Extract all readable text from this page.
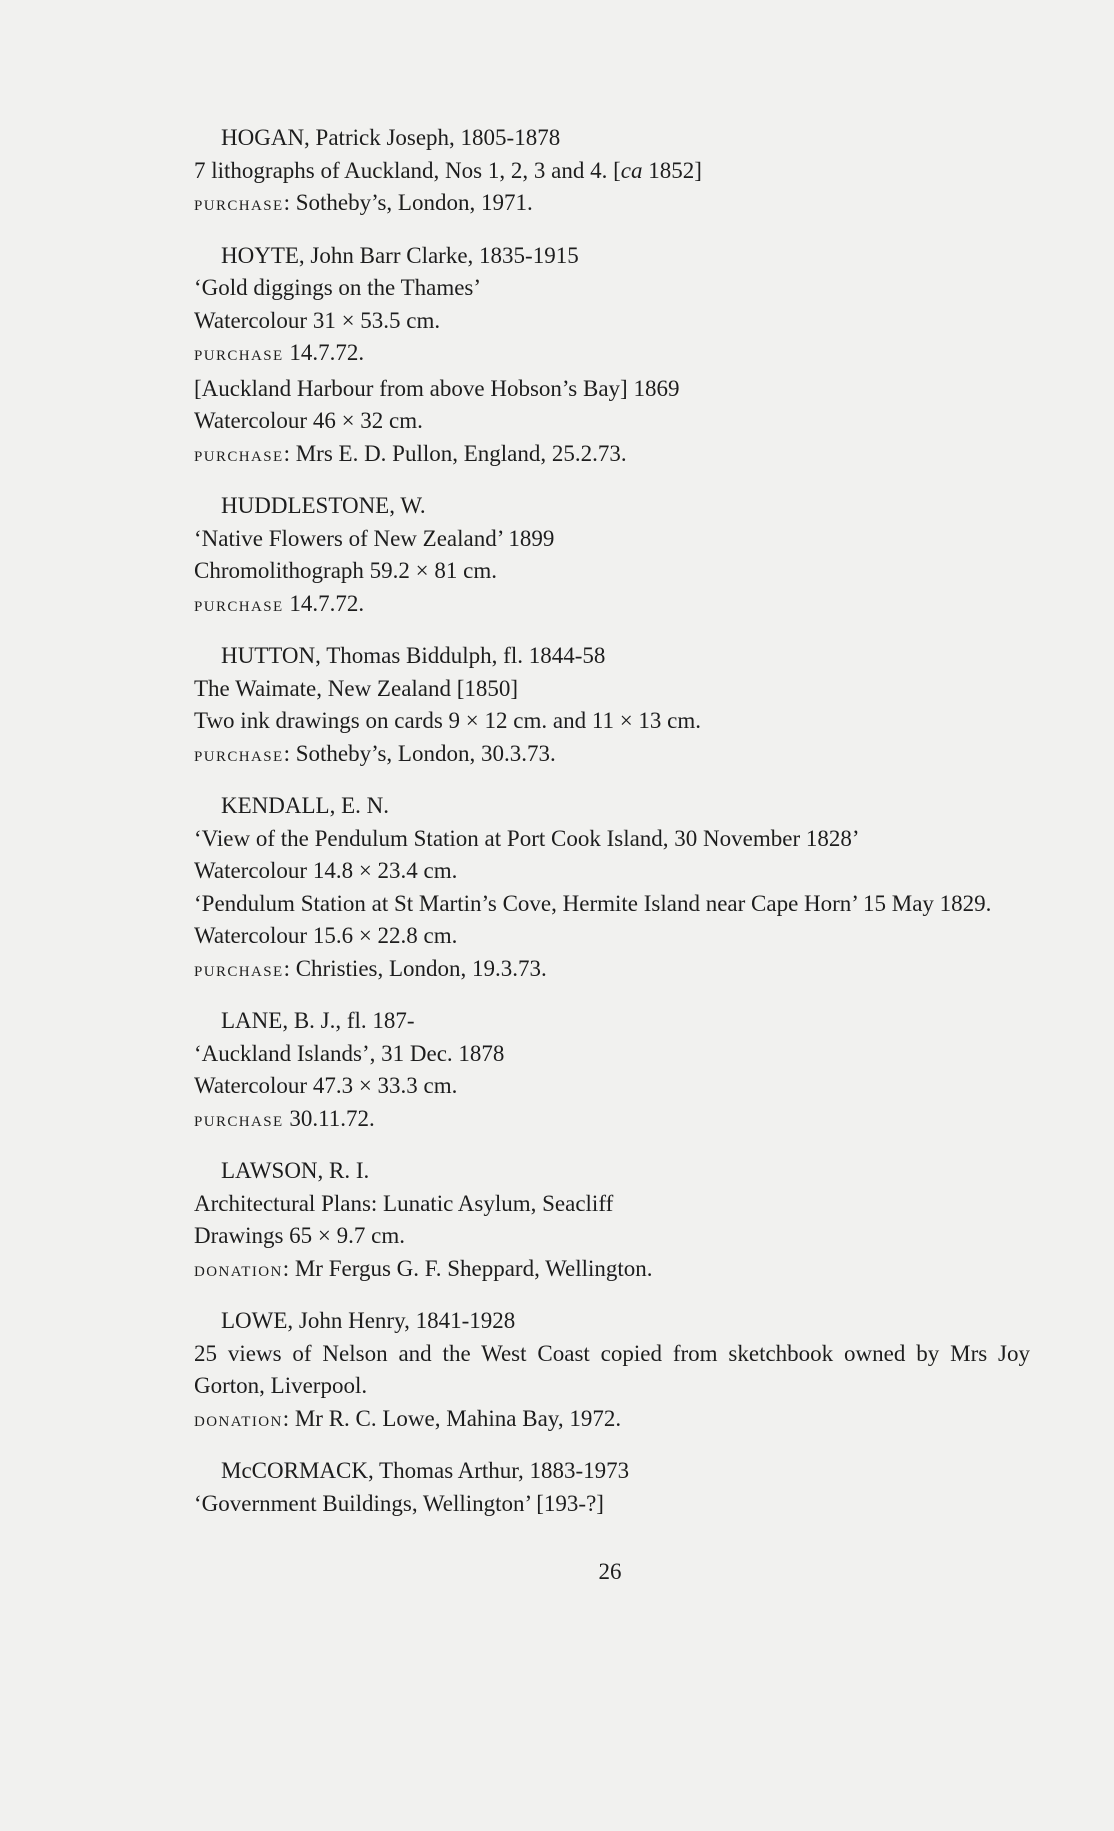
HOGAN, Patrick Joseph, 1805-1878
7 lithographs of Auckland, Nos 1, 2, 3 and 4. [ca 1852]
PURCHASE: Sotheby’s, London, 1971.
HOYTE, John Barr Clarke, 1835-1915
‘Gold diggings on the Thames’
Watercolour 31 × 53.5 cm.
PURCHASE 14.7.72.
[Auckland Harbour from above Hobson’s Bay] 1869
Watercolour 46 × 32 cm.
PURCHASE: Mrs E. D. Pullon, England, 25.2.73.
HUDDLESTONE, W.
‘Native Flowers of New Zealand’ 1899
Chromolithograph 59.2 × 81 cm.
PURCHASE 14.7.72.
HUTTON, Thomas Biddulph, fl. 1844-58
The Waimate, New Zealand [1850]
Two ink drawings on cards 9 × 12 cm. and 11 × 13 cm.
PURCHASE: Sotheby’s, London, 30.3.73.
KENDALL, E. N.
‘View of the Pendulum Station at Port Cook Island, 30 November 1828’
Watercolour 14.8 × 23.4 cm.
‘Pendulum Station at St Martin’s Cove, Hermite Island near Cape Horn’ 15 May 1829.
Watercolour 15.6 × 22.8 cm.
PURCHASE: Christies, London, 19.3.73.
LANE, B. J., fl. 187-
‘Auckland Islands’, 31 Dec. 1878
Watercolour 47.3 × 33.3 cm.
PURCHASE 30.11.72.
LAWSON, R. I.
Architectural Plans: Lunatic Asylum, Seacliff
Drawings 65 × 9.7 cm.
DONATION: Mr Fergus G. F. Sheppard, Wellington.
LOWE, John Henry, 1841-1928
25 views of Nelson and the West Coast copied from sketchbook owned by Mrs Joy Gorton, Liverpool.
DONATION: Mr R. C. Lowe, Mahina Bay, 1972.
McCORMACK, Thomas Arthur, 1883-1973
‘Government Buildings, Wellington’ [193-?]
26
